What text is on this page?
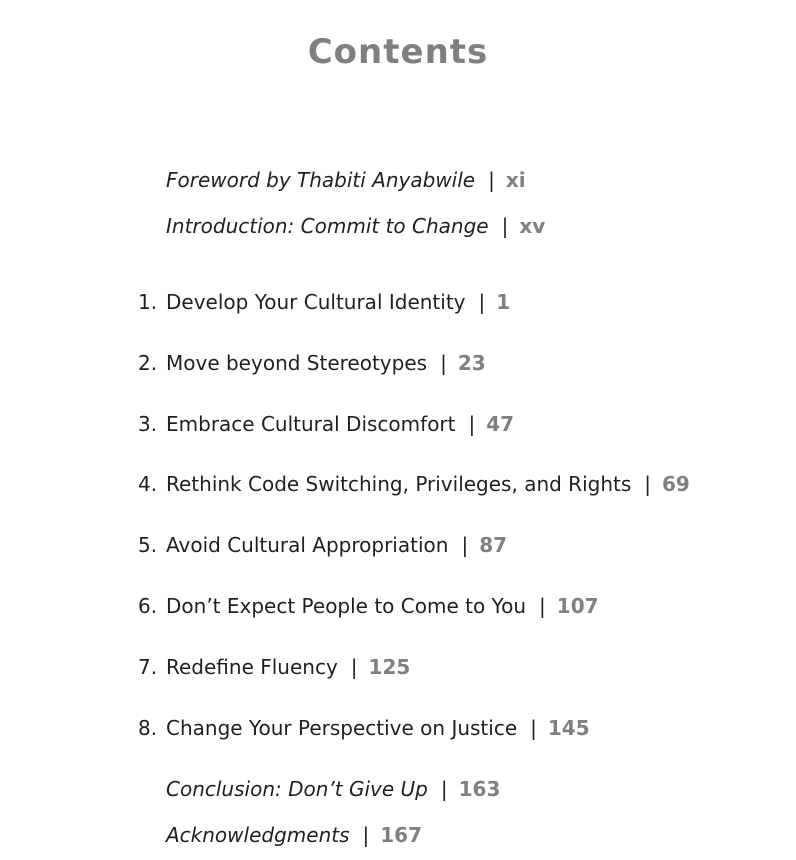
Contents
Foreword by Thabiti Anyabwile | xi
Introduction: Commit to Change | xv
1. Develop Your Cultural Identity | 1
2. Move beyond Stereotypes | 23
3. Embrace Cultural Discomfort | 47
4. Rethink Code Switching, Privileges, and Rights | 69
5. Avoid Cultural Appropriation | 87
6. Don’t Expect People to Come to You | 107
7. Redefine Fluency | 125
8. Change Your Perspective on Justice | 145
Conclusion: Don’t Give Up | 163
Acknowledgments | 167
